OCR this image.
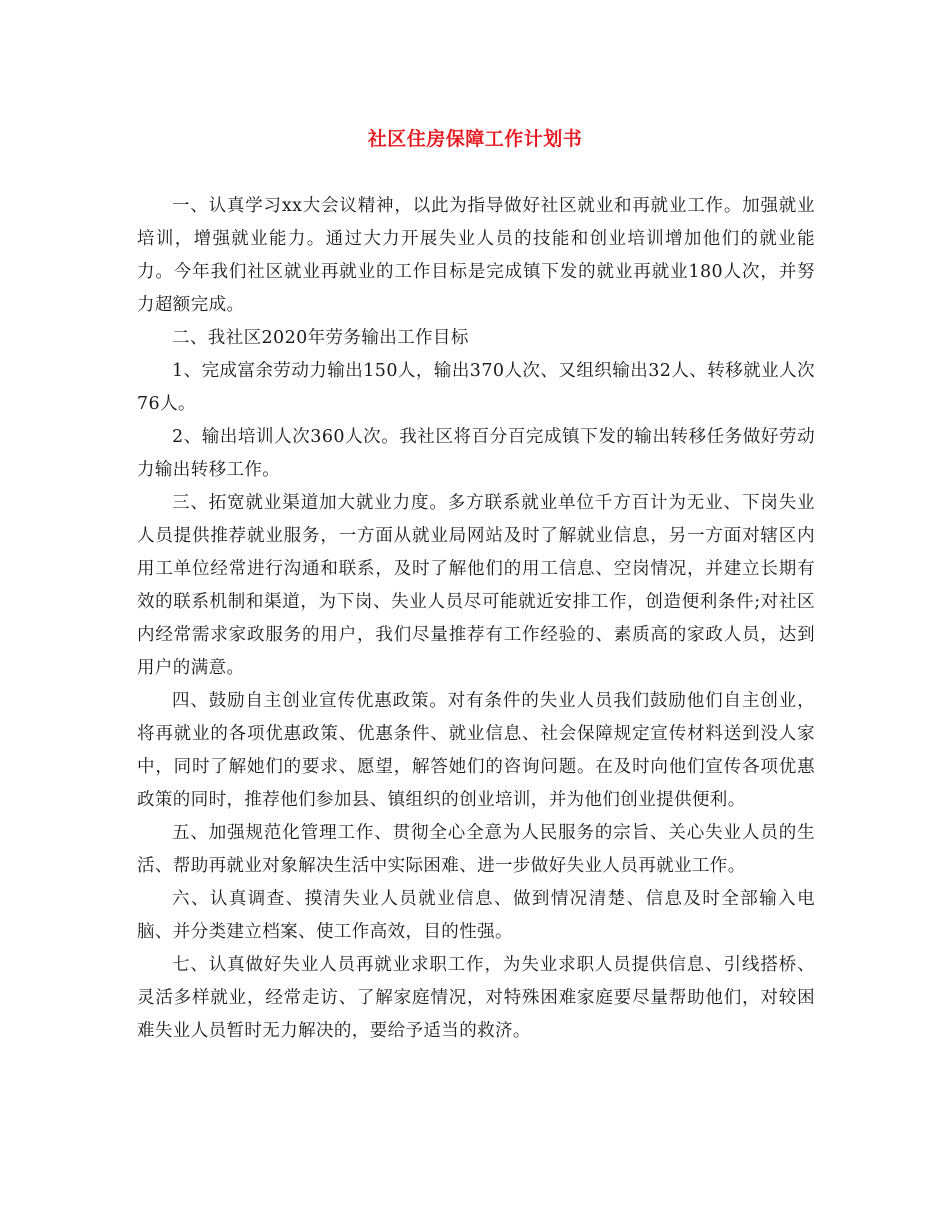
社区住房保障工作计划书

一、认真学习xx大会议精神，以此为指导做好社区就业和再就业工作。加强就业培训，增强就业能力。通过大力开展失业人员的技能和创业培训增加他们的就业能力。今年我们社区就业再就业的工作目标是完成镇下发的就业再就业180人次，并努力超额完成。

二、我社区2020年劳务输出工作目标

1、完成富余劳动力输出150人，输出370人次、又组织输出32人、转移就业人次76人。

2、输出培训人次360人次。我社区将百分百完成镇下发的输出转移任务做好劳动力输出转移工作。

三、拓宽就业渠道加大就业力度。多方联系就业单位千方百计为无业、下岗失业人员提供推荐就业服务，一方面从就业局网站及时了解就业信息，另一方面对辖区内用工单位经常进行沟通和联系，及时了解他们的用工信息、空岗情况，并建立长期有效的联系机制和渠道，为下岗、失业人员尽可能就近安排工作，创造便利条件;对社区内经常需求家政服务的用户，我们尽量推荐有工作经验的、素质高的家政人员，达到用户的满意。

四、鼓励自主创业宣传优惠政策。对有条件的失业人员我们鼓励他们自主创业，将再就业的各项优惠政策、优惠条件、就业信息、社会保障规定宣传材料送到没人家中，同时了解她们的要求、愿望，解答她们的咨询问题。在及时向他们宣传各项优惠政策的同时，推荐他们参加县、镇组织的创业培训，并为他们创业提供便利。

五、加强规范化管理工作、贯彻全心全意为人民服务的宗旨、关心失业人员的生活、帮助再就业对象解决生活中实际困难、进一步做好失业人员再就业工作。

六、认真调查、摸清失业人员就业信息、做到情况清楚、信息及时全部输入电脑、并分类建立档案、使工作高效，目的性强。

七、认真做好失业人员再就业求职工作，为失业求职人员提供信息、引线搭桥、灵活多样就业，经常走访、了解家庭情况，对特殊困难家庭要尽量帮助他们，对较困难失业人员暂时无力解决的，要给予适当的救济。
